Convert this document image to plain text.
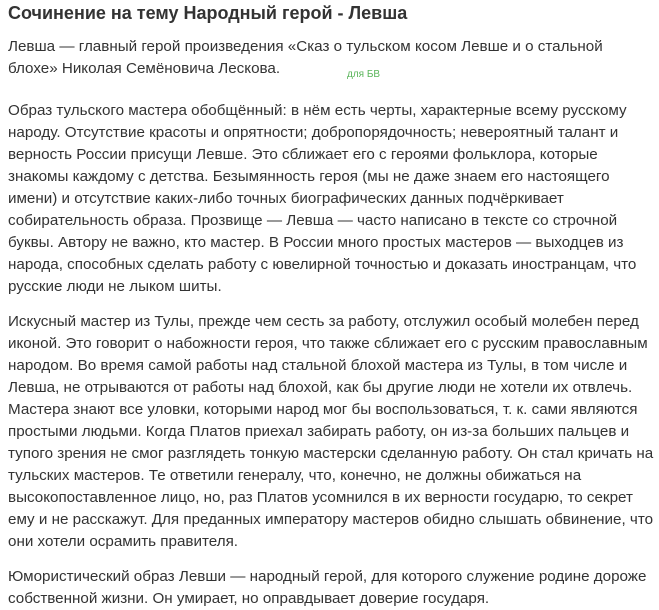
Сочинение на тему Народный герой - Левша

Левша — главный герой произведения «Сказ о тульском косом Левше и о стальной блохе» Николая Семёновича Лескова.

Образ тульского мастера обобщённый: в нём есть черты, характерные всему русскому народу. Отсутствие красоты и опрятности; добропорядочность; невероятный талант и верность России присущи Левше. Это сближает его с героями фольклора, которые знакомы каждому с детства. Безымянность героя (мы не даже знаем его настоящего имени) и отсутствие каких-либо точных биографических данных подчёркивает собирательность образа. Прозвище — Левша — часто написано в тексте со строчной буквы. Автору не важно, кто мастер. В России много простых мастеров — выходцев из народа, способных сделать работу с ювелирной точностью и доказать иностранцам, что русские люди не лыком шиты.

Искусный мастер из Тулы, прежде чем сесть за работу, отслужил особый молебен перед иконой. Это говорит о набожности героя, что также сближает его с русским православным народом. Во время самой работы над стальной блохой мастера из Тулы, в том числе и Левша, не отрываются от работы над блохой, как бы другие люди не хотели их отвлечь. Мастера знают все уловки, которыми народ мог бы воспользоваться, т. к. сами являются простыми людьми. Когда Платов приехал забирать работу, он из-за больших пальцев и тупого зрения не смог разглядеть тонкую мастерски сделанную работу. Он стал кричать на тульских мастеров. Те ответили генералу, что, конечно, не должны обижаться на высокопоставленное лицо, но, раз Платов усомнился в их верности государю, то секрет ему и не расскажут. Для преданных императору мастеров обидно слышать обвинение, что они хотели осрамить правителя.

Юмористический образ Левши — народный герой, для которого служение родине дороже собственной жизни. Он умирает, но оправдывает доверие государя.

для БВ
